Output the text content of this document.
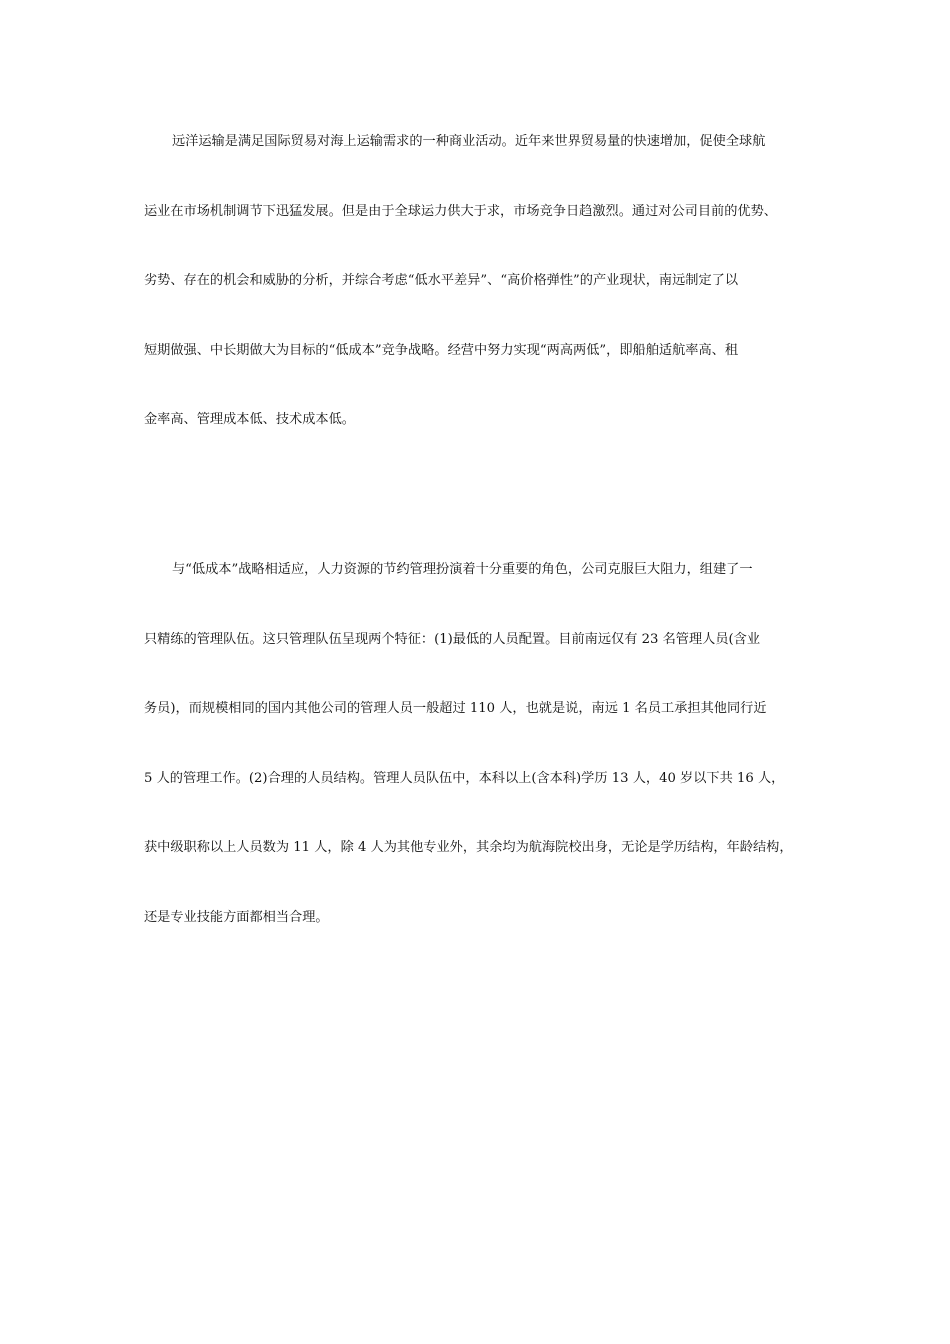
远洋运输是满足国际贸易对海上运输需求的一种商业活动。近年来世界贸易量的快速增加，促使全球航
运业在市场机制调节下迅猛发展。但是由于全球运力供大于求，市场竞争日趋激烈。通过对公司目前的优势、
劣势、存在的机会和威胁的分析，并综合考虑“低水平差异”、“高价格弹性”的产业现状，南远制定了以
短期做强、中长期做大为目标的“低成本”竞争战略。经营中努力实现“两高两低”，即船舶适航率高、租
金率高、管理成本低、技术成本低。
与“低成本”战略相适应，人力资源的节约管理扮演着十分重要的角色，公司克服巨大阻力，组建了一
只精练的管理队伍。这只管理队伍呈现两个特征：(1)最低的人员配置。目前南远仅有 23 名管理人员(含业
务员)，而规模相同的国内其他公司的管理人员一般超过 110 人，也就是说，南远 1 名员工承担其他同行近
5 人的管理工作。(2)合理的人员结构。管理人员队伍中，本科以上(含本科)学历 13 人，40 岁以下共 16 人，
获中级职称以上人员数为 11 人，除 4 人为其他专业外，其余均为航海院校出身，无论是学历结构，年龄结构，
还是专业技能方面都相当合理。
